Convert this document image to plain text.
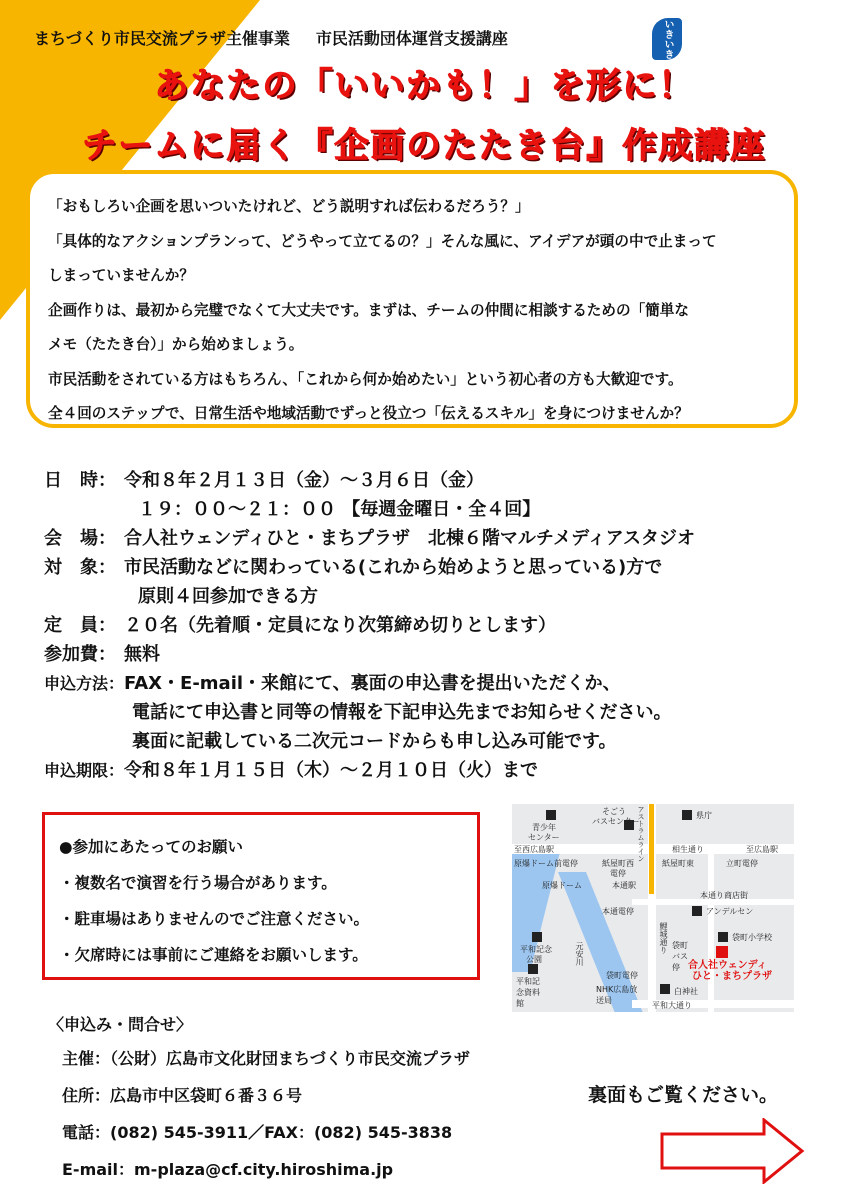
まちづくり市民交流プラザ主催事業 市民活動団体運営支援講座	いきいき
あなたの「いいかも！」を形に！
チームに届く『企画のたたき台』作成講座

「おもしろい企画を思いついたけれど、どう説明すれば伝わるだろう？」

「具体的なアクションプランって、どうやって立てるの？」そんな風に、アイデアが頭の中で止まって

しまっていませんか？

企画作りは、最初から完璧でなくて大丈夫です。まずは、チームの仲間に相談するための「簡単な

メモ（たたき台）」から始めましょう。

市民活動をされている方はもちろん、「これから何か始めたい」という初心者の方も大歓迎です。

全４回のステップで、日常生活や地域活動でずっと役立つ「伝えるスキル」を身につけませんか？

日　時： 令和８年２月１３日（金）～３月６日（金）
１９：００～２１：００ 【毎週金曜日・全４回】
会　場： 合人社ウェンディひと・まちプラザ　北棟６階マルチメディアスタジオ
対　象： 市民活動などに関わっている(これから始めようと思っている)方で
原則４回参加できる方
定　員： ２０名（先着順・定員になり次第締め切りとします）
参加費： 無料
申込方法： FAX・E-mail・来館にて、裏面の申込書を提出いただくか、
電話にて申込書と同等の情報を下記申込先までお知らせください。
裏面に記載している二次元コードからも申し込み可能です。
申込期限： 令和８年１月１５日（木）～２月１０日（火）まで

●参加にあたってのお願い

・複数名で演習を行う場合があります。

・駐車場はありませんのでご注意ください。

・欠席時には事前にご連絡をお願いします。

そごう
バスセンター
県庁
青少年
センター
至西広島駅	相生通り	至広島駅
原爆ドーム前電停	紙屋町西
電停
紙屋町東	立町電停
原爆ドーム	本通駅
本通り商店街
本通電停	アンデルセン
鯉城通り
平和記念
公園	元安川	袋町バス停
袋町小学校
合人社ウェンディ
ひと・まちプラザ
袋町電停
平和記念資料館
NHK広島放送局
白神社
平和大通り
アストラムライン
〈申込み・問合せ〉
主催：（公財）広島市文化財団まちづくり市民交流プラザ
住所：広島市中区袋町６番３６号
電話：(082) 545-3911／FAX：(082) 545-3838
E-mail：m-plaza@cf.city.hiroshima.jp
裏面もご覧ください。
